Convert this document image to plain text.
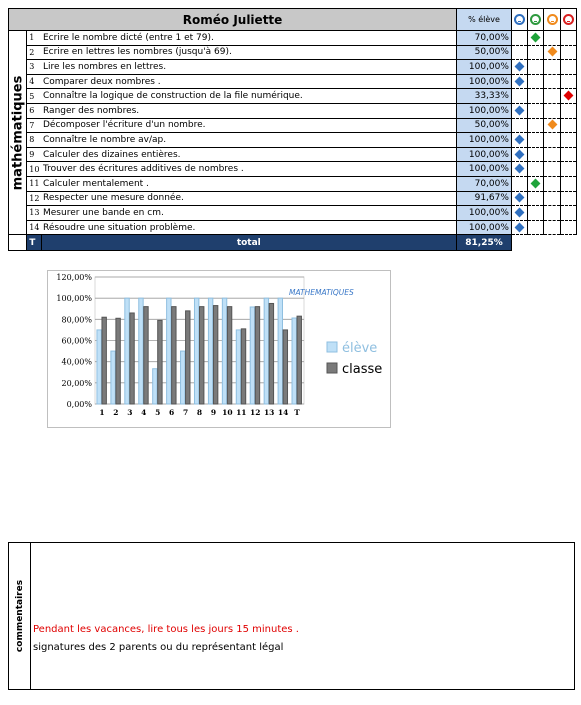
Roméo Juliette			% élève				

mathématiques	1	Ecrire le nombre dicté (entre 1 et 79).	70,00%				
	2	Ecrire en lettres les nombres (jusqu'à 69).	50,00%				
	3	Lire les nombres en lettres.	100,00%				
	4	Comparer deux nombres .	100,00%				
	5	Connaître la logique de construction de la file numérique.	33,33%				
	6	Ranger des nombres.	100,00%				
	7	Décomposer l'écriture d'un nombre.	50,00%				
	8	Connaître le nombre av/ap.	100,00%				
	9	Calculer des dizaines entières.	100,00%				
	10	Trouver des écritures additives de nombres .	100,00%				
	11	Calculer mentalement .	70,00%				
	12	Respecter une mesure donnée.	91,67%				
	13	Mesurer une bande en cm.	100,00%				
	14	Résoudre une situation problème.	100,00%				
	T	total	81,25%				
0,00%
20,00%
40,00%
60,00%
80,00%
100,00%
120,00%
1 2 3 4 5 6 7 8 9 10 11 12 13 14 T
MATHEMATIQUES
élève
classe
commentaires Pendant les vacances, lire tous les jours 15 minutes .
signatures des 2 parents ou du représentant légal
